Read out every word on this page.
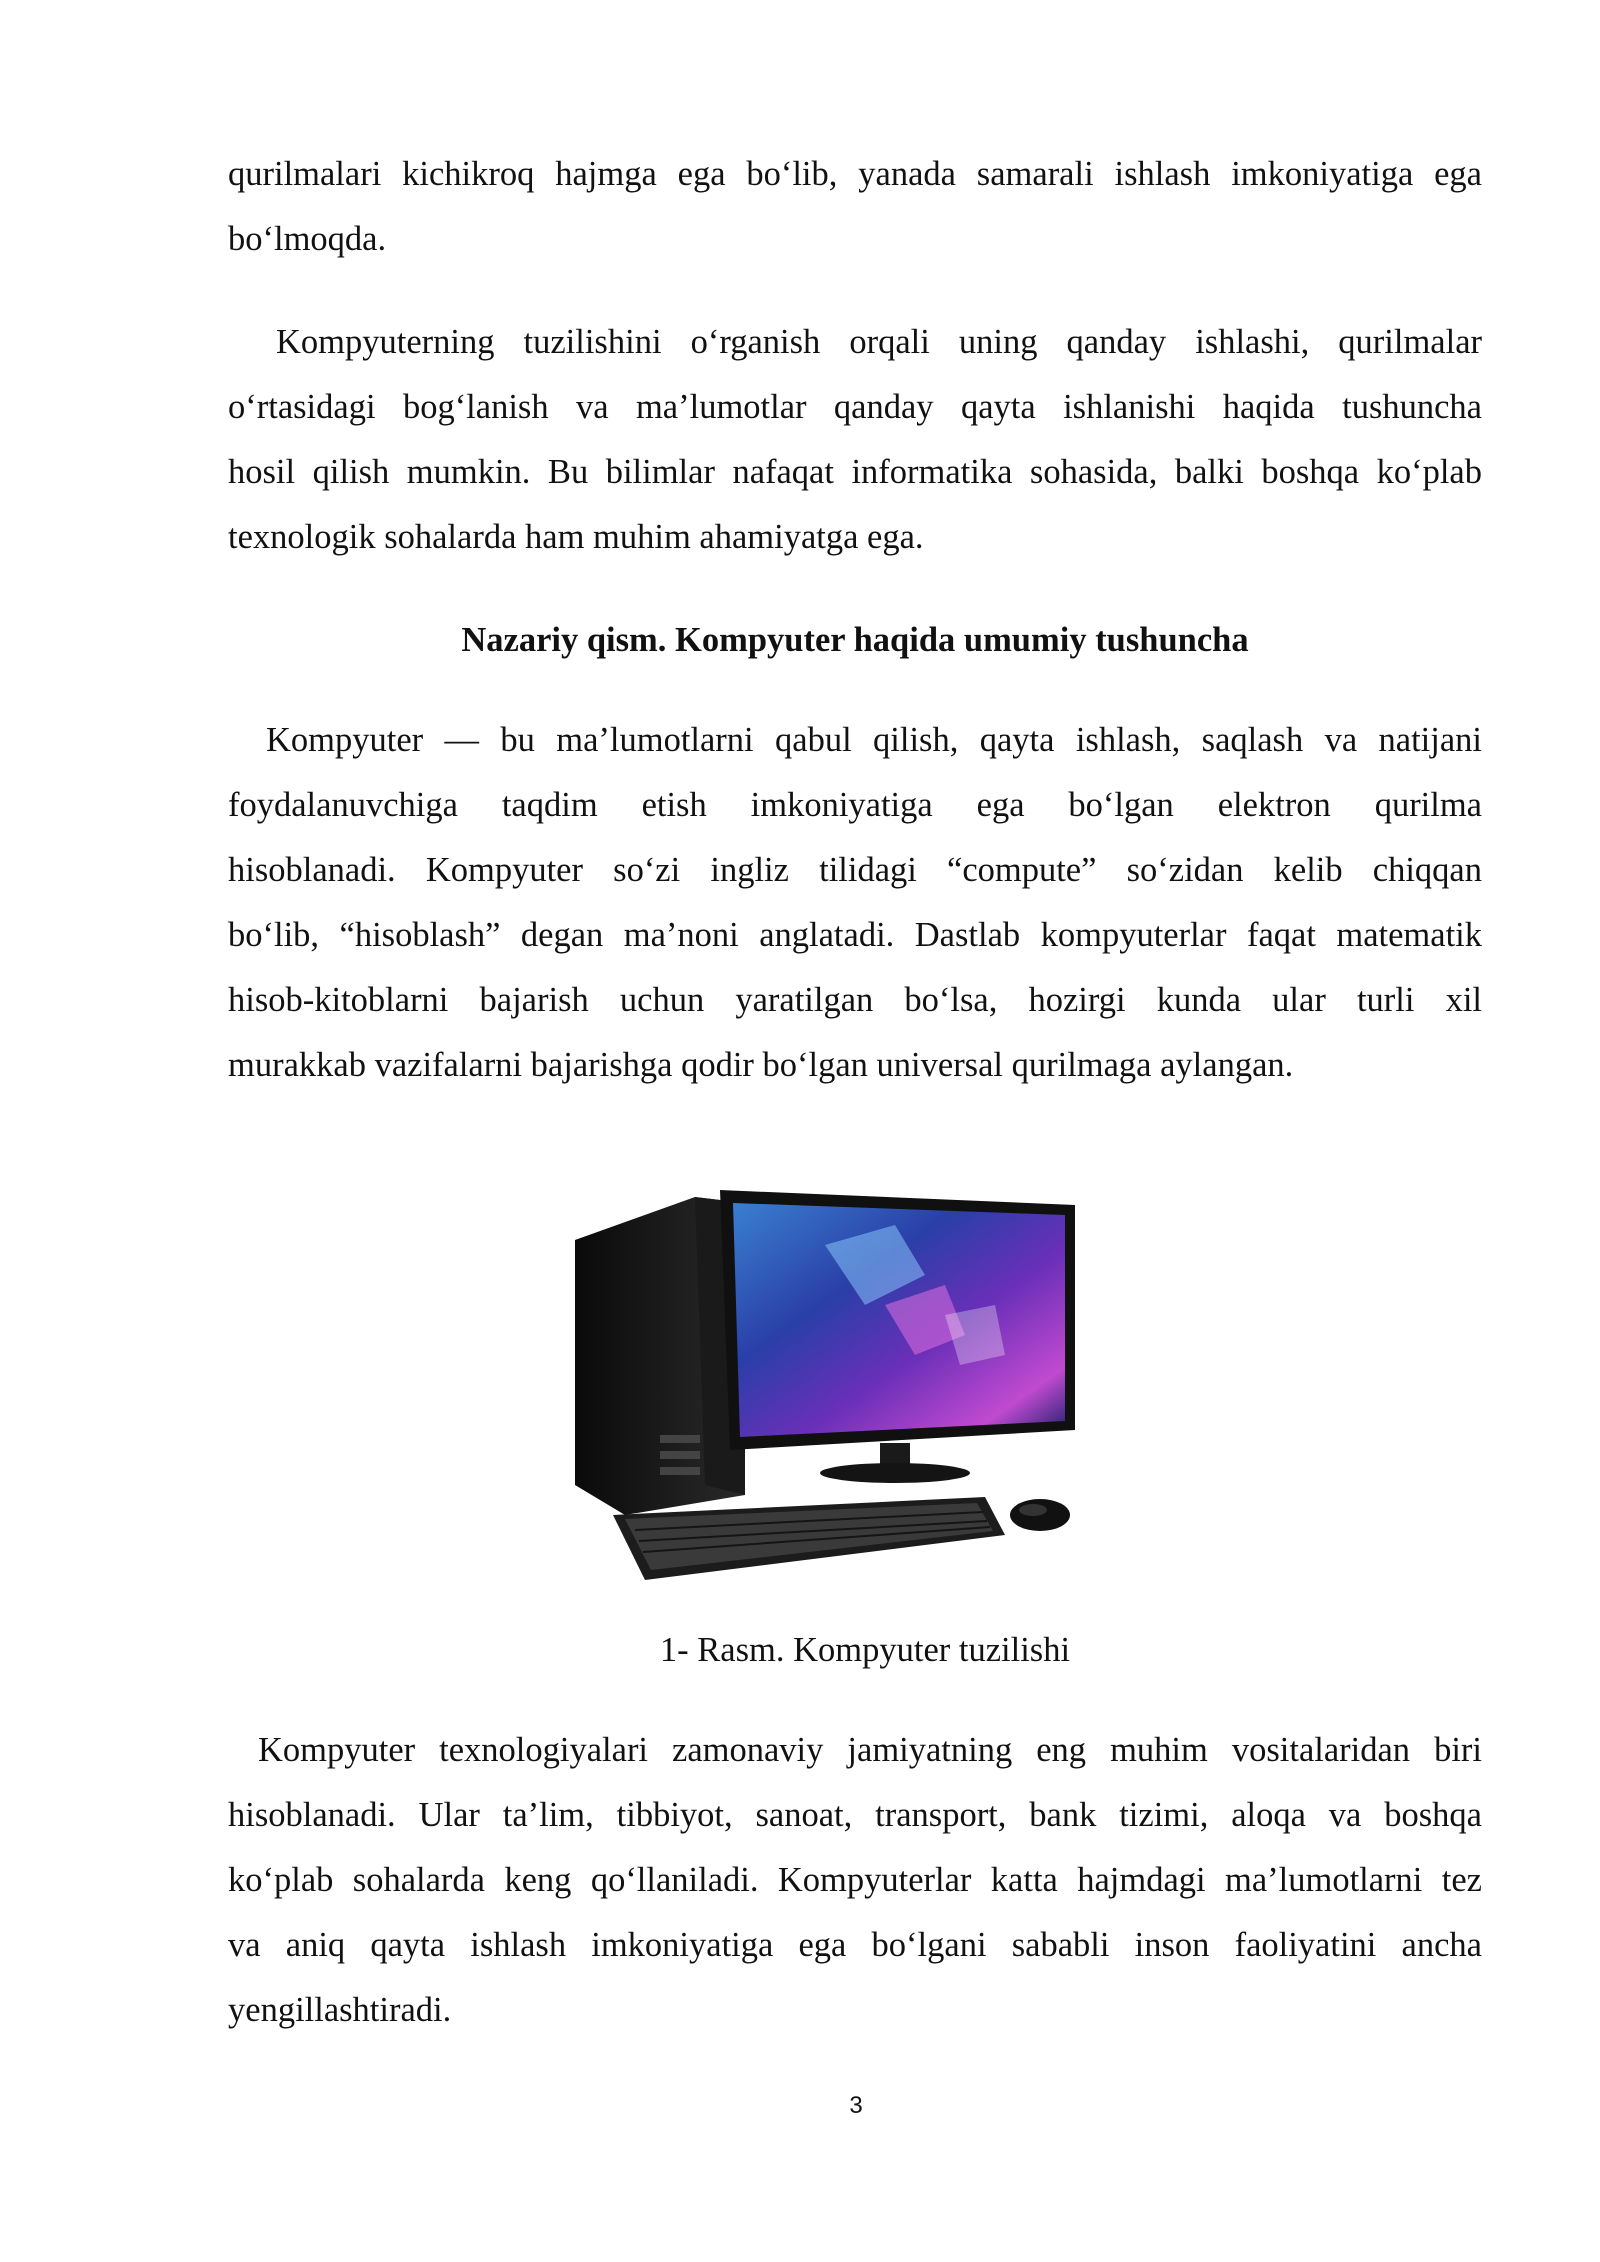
qurilmalari kichikroq hajmga ega bo‘lib, yanada samarali ishlash imkoniyatiga ega
bo‘lmoqda.
Kompyuterning tuzilishini o‘rganish orqali uning qanday ishlashi, qurilmalar
o‘rtasidagi bog‘lanish va ma’lumotlar qanday qayta ishlanishi haqida tushuncha
hosil qilish mumkin. Bu bilimlar nafaqat informatika sohasida, balki boshqa ko‘plab
texnologik sohalarda ham muhim ahamiyatga ega.

Nazariy qism. Kompyuter haqida umumiy tushuncha

Kompyuter — bu ma’lumotlarni qabul qilish, qayta ishlash, saqlash va natijani
foydalanuvchiga taqdim etish imkoniyatiga ega bo‘lgan elektron qurilma
hisoblanadi. Kompyuter so‘zi ingliz tilidagi “compute” so‘zidan kelib chiqqan
bo‘lib, “hisoblash” degan ma’noni anglatadi. Dastlab kompyuterlar faqat matematik
hisob-kitoblarni bajarish uchun yaratilgan bo‘lsa, hozirgi kunda ular turli xil
murakkab vazifalarni bajarishga qodir bo‘lgan universal qurilmaga aylangan.

1- Rasm. Kompyuter tuzilishi

Kompyuter texnologiyalari zamonaviy jamiyatning eng muhim vositalaridan biri
hisoblanadi. Ular ta’lim, tibbiyot, sanoat, transport, bank tizimi, aloqa va boshqa
ko‘plab sohalarda keng qo‘llaniladi. Kompyuterlar katta hajmdagi ma’lumotlarni tez
va aniq qayta ishlash imkoniyatiga ega bo‘lgani sababli inson faoliyatini ancha
yengillashtiradi.

3
